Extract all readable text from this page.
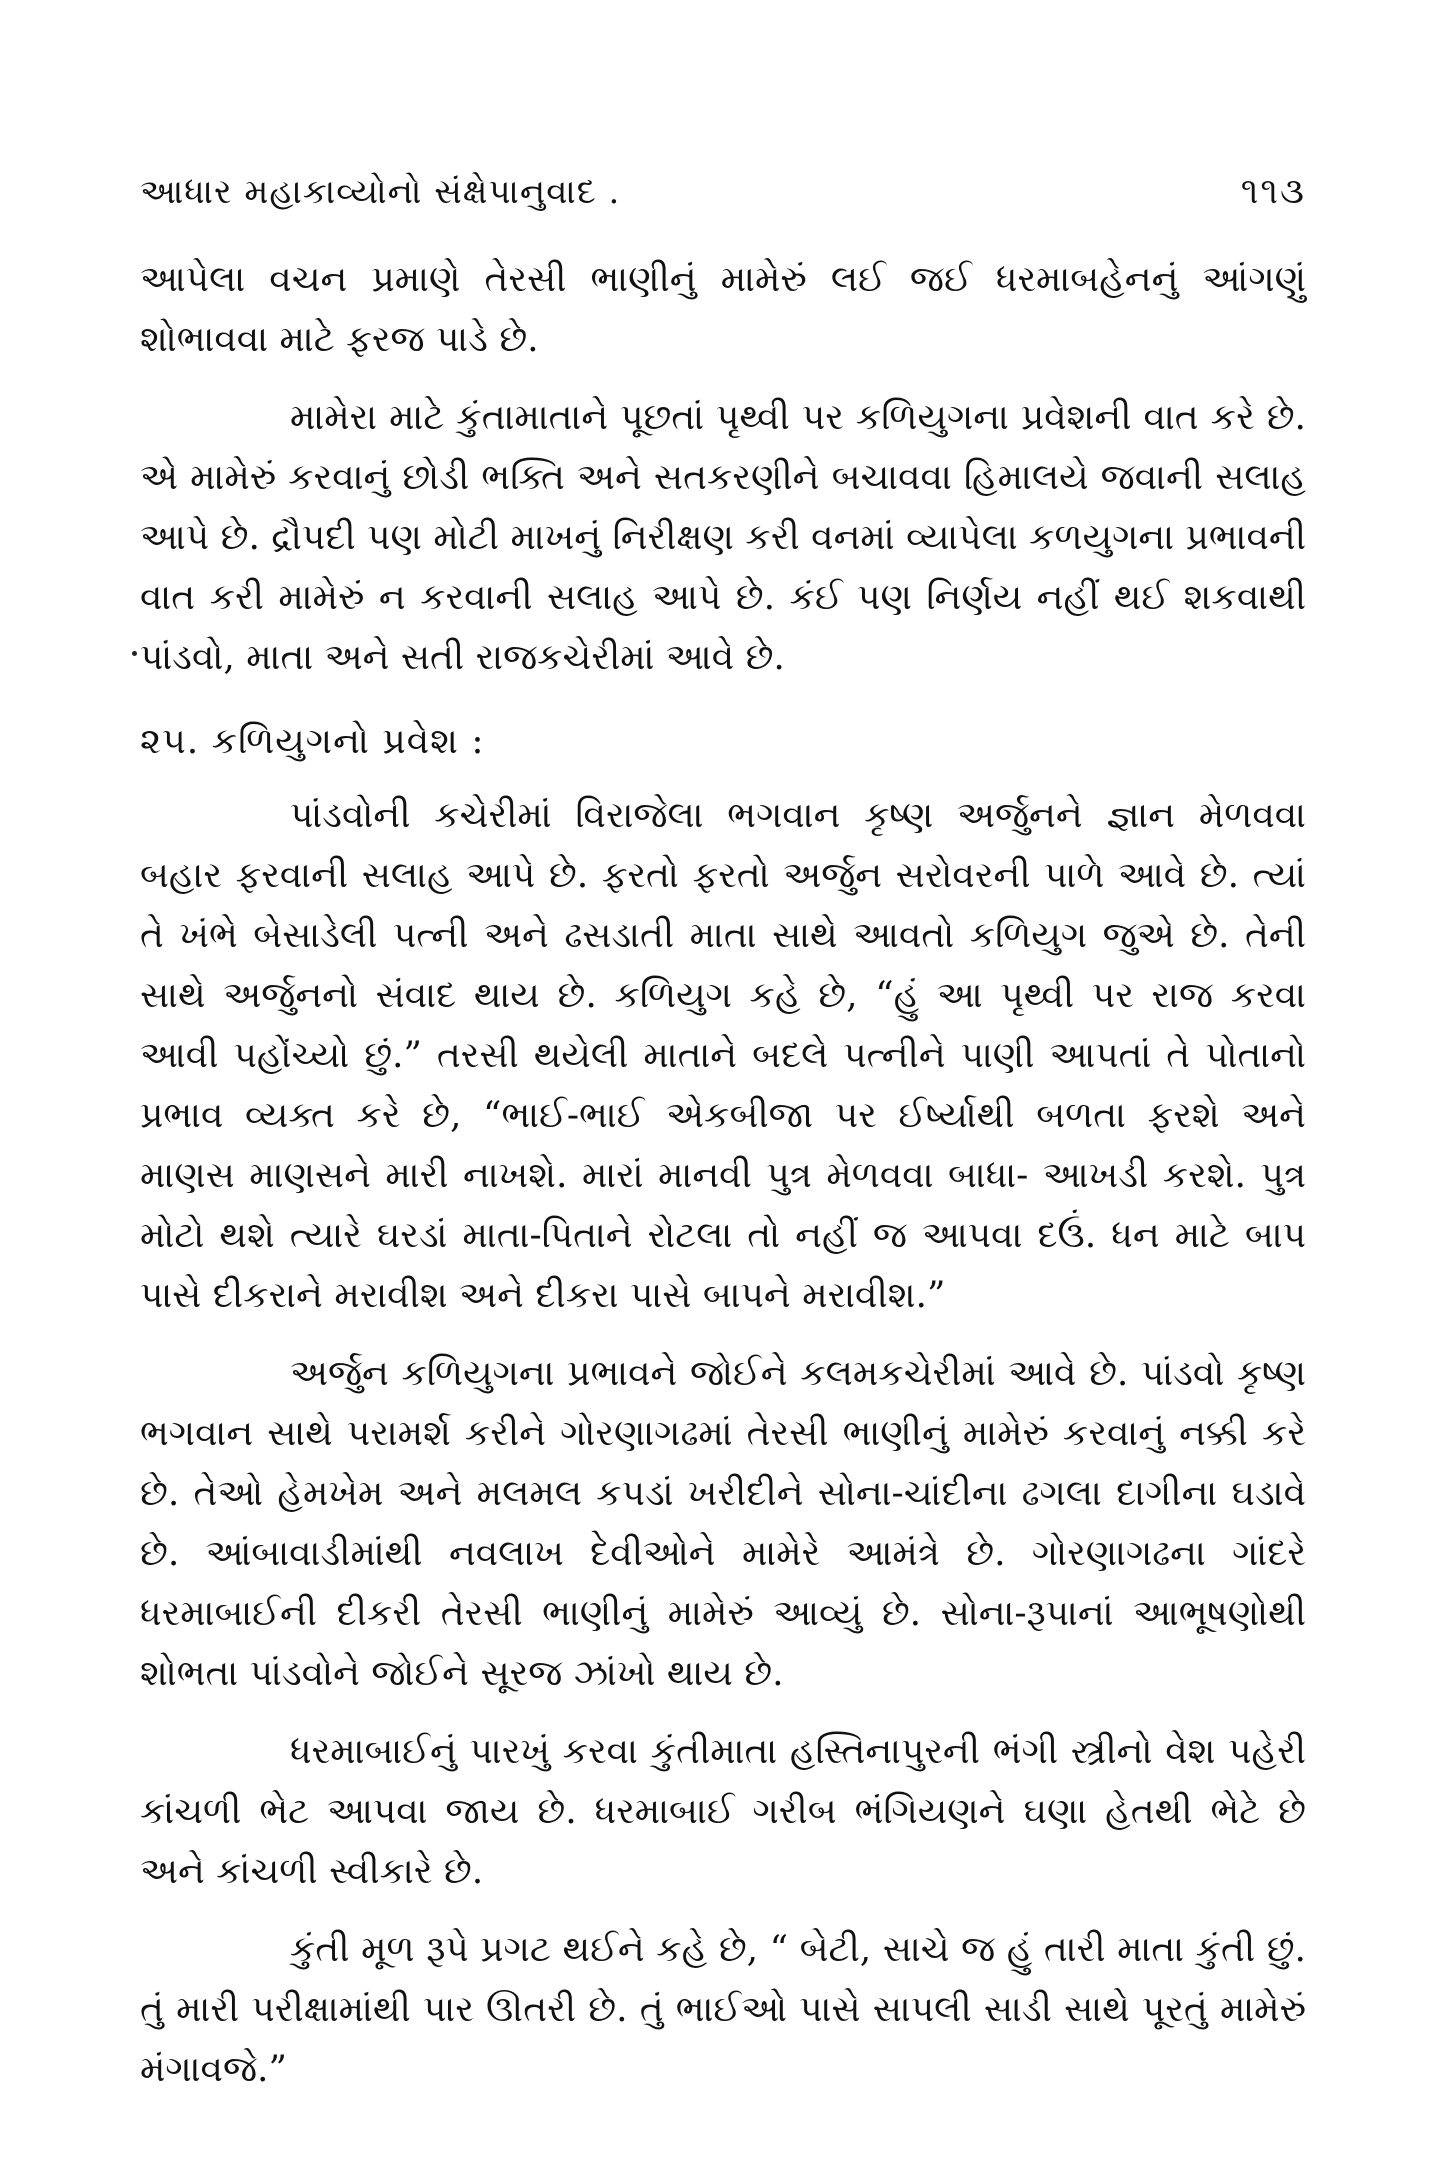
આધાર મહાકાવ્યોનો સંક્ષેપાનુવાદ .	૧૧૩

આપેલા વચન પ્રમાણે તેરસી ભાણીનું મામેરું લઈ જઈ ધરમાબહેનનું આંગણું શોભાવવા માટે ફરજ પાડે છે.

મામેરા માટે કુંતામાતાને પૂછતાં પૃથ્વી પર કળિયુગના પ્રવેશની વાત કરે છે. એ મામેરું કરવાનું છોડી ભક્તિ અને સતકરણીને બચાવવા હિમાલયે જવાની સલાહ આપે છે. દ્રૌપદી પણ મોટી માખનું નિરીક્ષણ કરી વનમાં વ્યાપેલા કળયુગના પ્રભાવની વાત કરી મામેરું ન કરવાની સલાહ આપે છે. કંઈ પણ નિર્ણય નહીં થઈ શકવાથી પાંડવો, માતા અને સતી રાજકચેરીમાં આવે છે.

૨૫. કળિયુગનો પ્રવેશ :

પાંડવોની કચેરીમાં વિરાજેલા ભગવાન કૃષ્ણ અર્જુનને જ્ઞાન મેળવવા બહાર ફરવાની સલાહ આપે છે. ફરતો ફરતો અર્જુન સરોવરની પાળે આવે છે. ત્યાં તે ખંભે બેસાડેલી પત્ની અને ઢસડાતી માતા સાથે આવતો કળિયુગ જુએ છે. તેની સાથે અર્જુનનો સંવાદ થાય છે. કળિયુગ કહે છે, “હું આ પૃથ્વી પર રાજ કરવા આવી પહોંચ્યો છું.” તરસી થયેલી માતાને બદલે પત્નીને પાણી આપતાં તે પોતાનો પ્રભાવ વ્યક્ત કરે છે, “ભાઈ-ભાઈ એકબીજા પર ઈર્ષ્યાથી બળતા ફરશે અને માણસ માણસને મારી નાખશે. મારાં માનવી પુત્ર મેળવવા બાધા- આખડી કરશે. પુત્ર મોટો થશે ત્યારે ઘરડાં માતા-પિતાને રોટલા તો નહીં જ આપવા દઉં. ધન માટે બાપ પાસે દીકરાને મરાવીશ અને દીકરા પાસે બાપને મરાવીશ.”

અર્જુન કળિયુગના પ્રભાવને જોઈને કલમકચેરીમાં આવે છે. પાંડવો કૃષ્ણ ભગવાન સાથે પરામર્શ કરીને ગોરણાગઢમાં તેરસી ભાણીનું મામેરું કરવાનું નક્કી કરે છે. તેઓ હેમખેમ અને મલમલ કપડાં ખરીદીને સોના-ચાંદીના ઢગલા દાગીના ઘડાવે છે. આંબાવાડીમાંથી નવલાખ દેવીઓને મામેરે આમંત્રે છે. ગોરણાગઢના ગાંદરે ધરમાબાઈની દીકરી તેરસી ભાણીનું મામેરું આવ્યું છે. સોના-રૂપાનાં આભૂષણોથી શોભતા પાંડવોને જોઈને સૂરજ ઝાંખો થાય છે.

ધરમાબાઈનું પારખું કરવા કુંતીમાતા હસ્તિનાપુરની ભંગી સ્ત્રીનો વેશ પહેરી કાંચળી ભેટ આપવા જાય છે. ધરમાબાઈ ગરીબ ભંગિયણને ઘણા હેતથી ભેટે છે અને કાંચળી સ્વીકારે છે.

કુંતી મૂળ રૂપે પ્રગટ થઈને કહે છે, “ બેટી, સાચે જ હું તારી માતા કુંતી છું. તું મારી પરીક્ષામાંથી પાર ઊતરી છે. તું ભાઈઓ પાસે સાપલી સાડી સાથે પૂરતું મામેરું મંગાવજે.”
